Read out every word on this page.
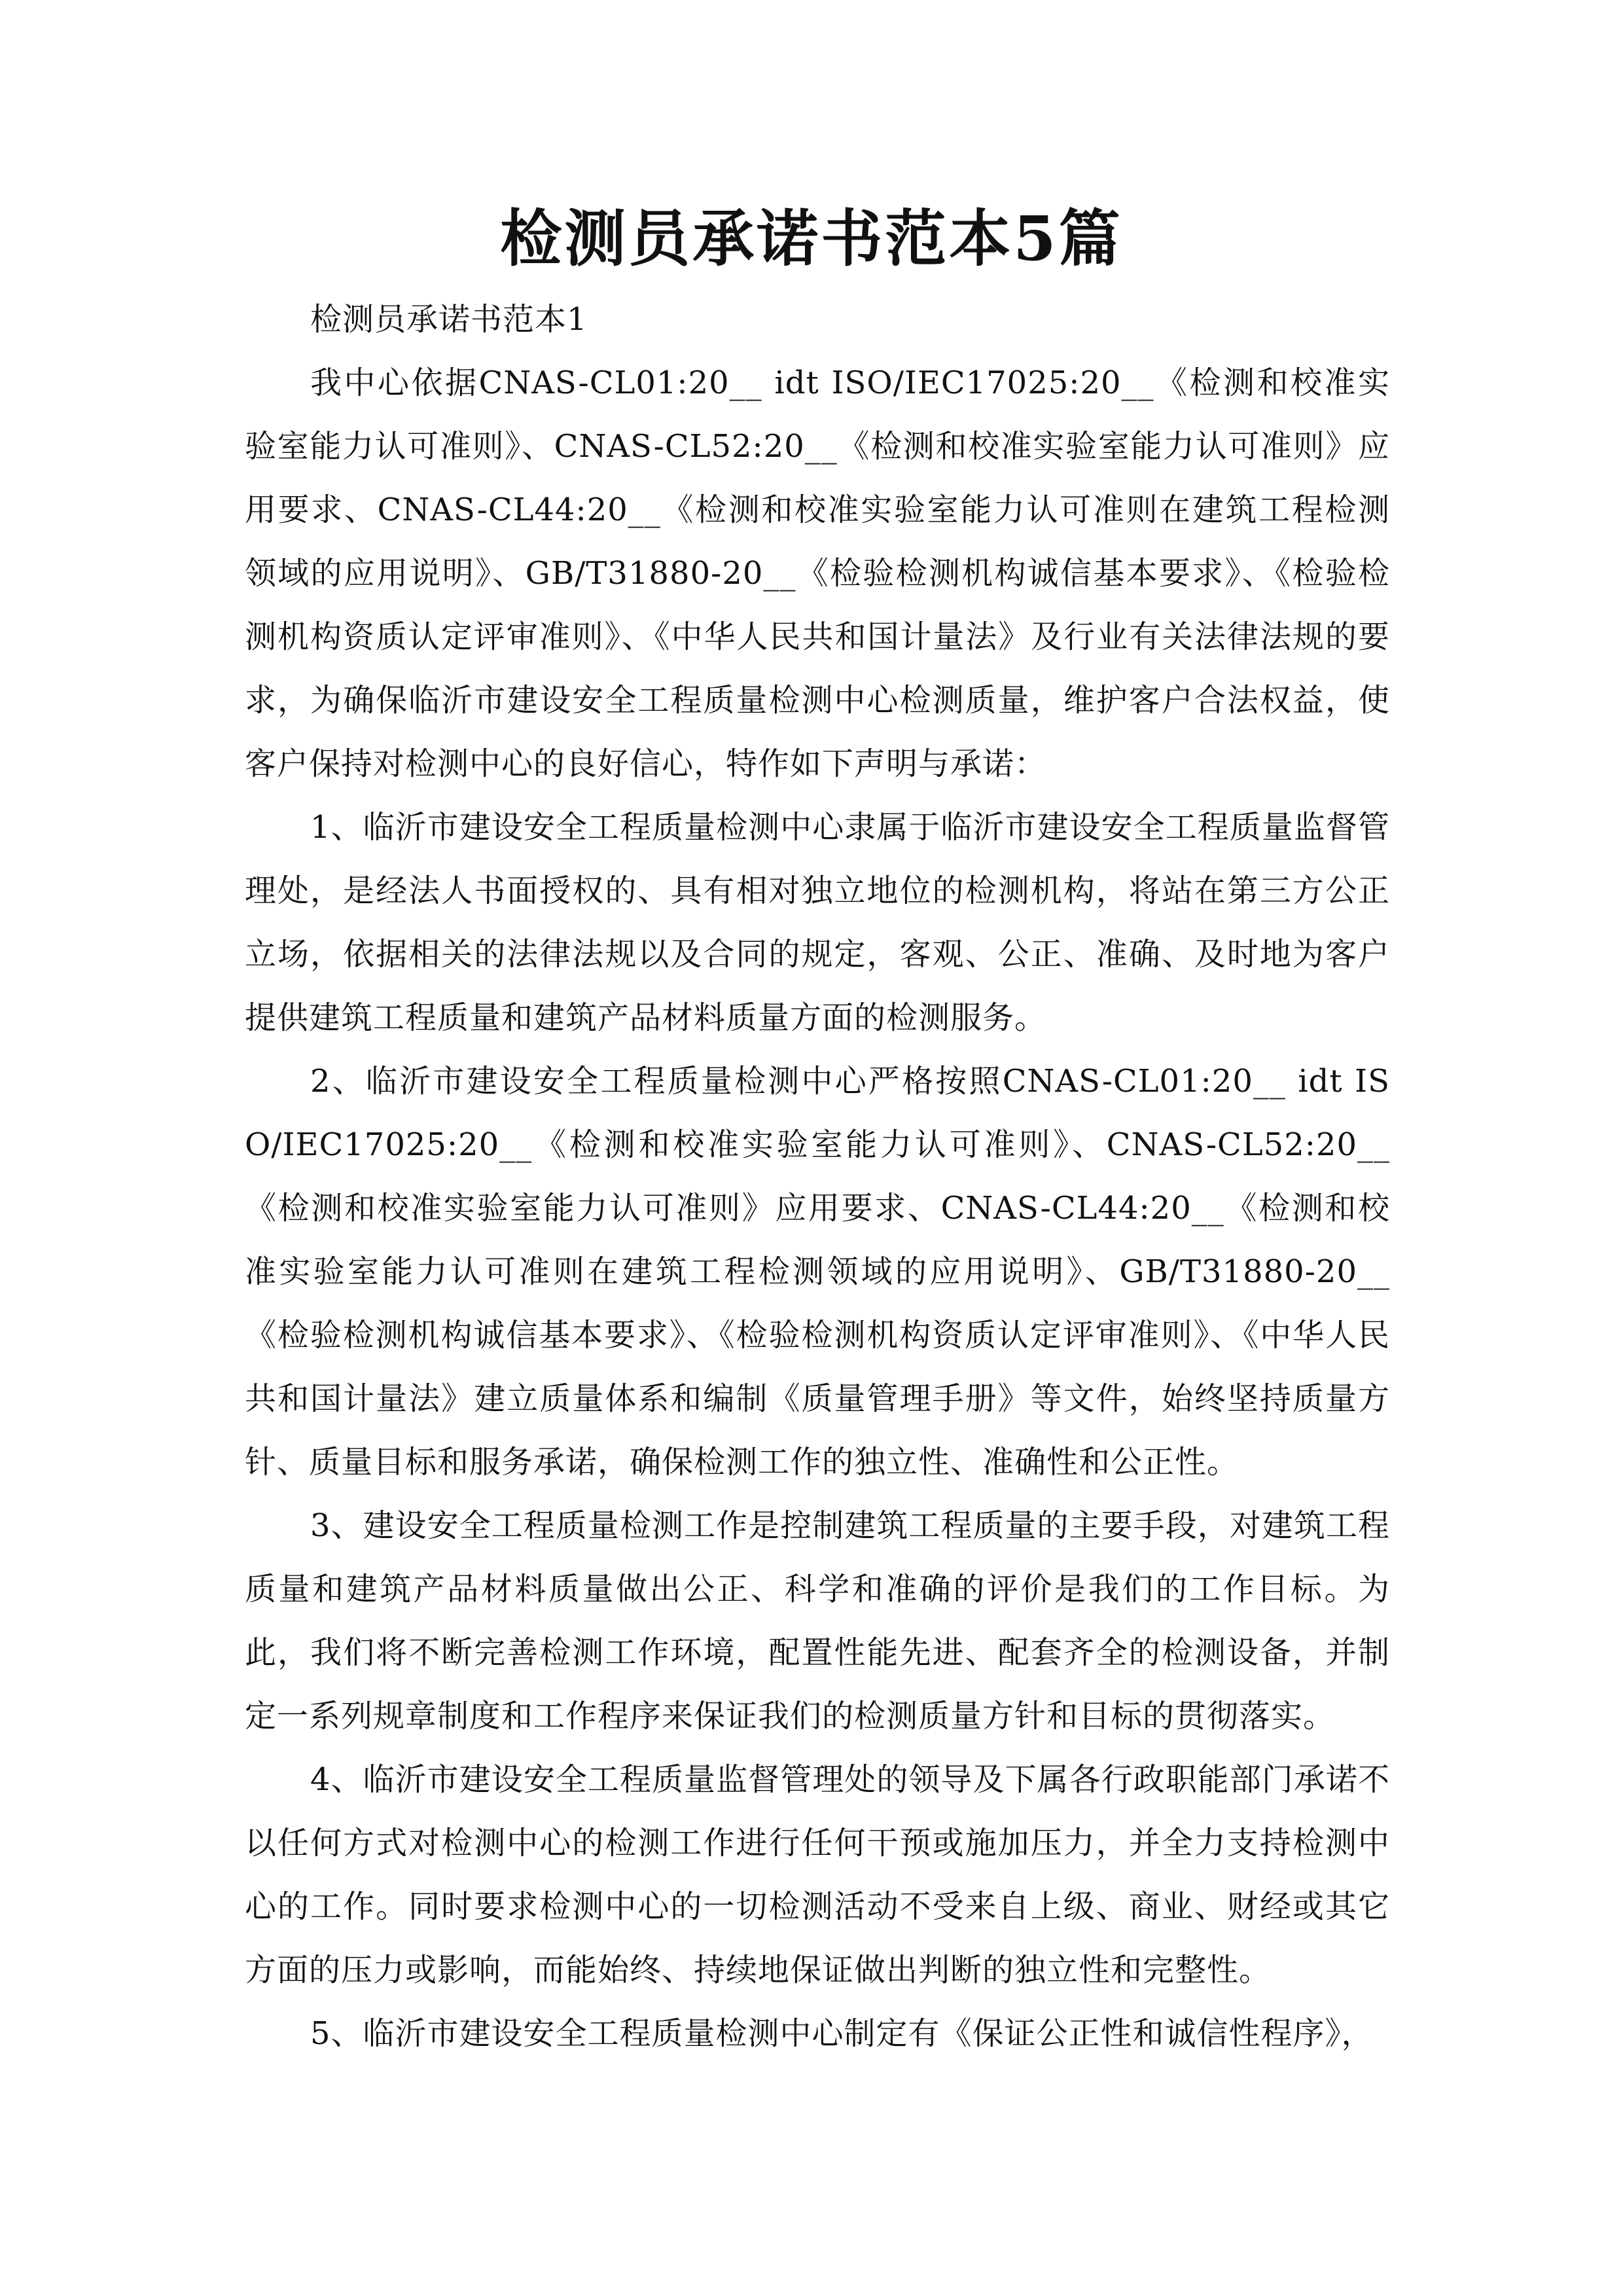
检测员承诺书范本5篇

检测员承诺书范本1

我中心依据CNAS-CL01:20__ idt ISO/IEC17025:20__《检测和校准实验室能力认可准则》、CNAS-CL52:20__《检测和校准实验室能力认可准则》应用要求、CNAS-CL44:20__《检测和校准实验室能力认可准则在建筑工程检测领域的应用说明》、GB/T31880-20__《检验检测机构诚信基本要求》、《检验检测机构资质认定评审准则》、《中华人民共和国计量法》及行业有关法律法规的要求，为确保临沂市建设安全工程质量检测中心检测质量，维护客户合法权益，使客户保持对检测中心的良好信心，特作如下声明与承诺：

1、临沂市建设安全工程质量检测中心隶属于临沂市建设安全工程质量监督管理处，是经法人书面授权的、具有相对独立地位的检测机构，将站在第三方公正立场，依据相关的法律法规以及合同的规定，客观、公正、准确、及时地为客户提供建筑工程质量和建筑产品材料质量方面的检测服务。

2、临沂市建设安全工程质量检测中心严格按照CNAS-CL01:20__ idt ISO/IEC17025:20__《检测和校准实验室能力认可准则》、CNAS-CL52:20__《检测和校准实验室能力认可准则》应用要求、CNAS-CL44:20__《检测和校准实验室能力认可准则在建筑工程检测领域的应用说明》、GB/T31880-20__《检验检测机构诚信基本要求》、《检验检测机构资质认定评审准则》、《中华人民共和国计量法》建立质量体系和编制《质量管理手册》等文件，始终坚持质量方针、质量目标和服务承诺，确保检测工作的独立性、准确性和公正性。

3、建设安全工程质量检测工作是控制建筑工程质量的主要手段，对建筑工程质量和建筑产品材料质量做出公正、科学和准确的评价是我们的工作目标。为此，我们将不断完善检测工作环境，配置性能先进、配套齐全的检测设备，并制定一系列规章制度和工作程序来保证我们的检测质量方针和目标的贯彻落实。

4、临沂市建设安全工程质量监督管理处的领导及下属各行政职能部门承诺不以任何方式对检测中心的检测工作进行任何干预或施加压力，并全力支持检测中心的工作。同时要求检测中心的一切检测活动不受来自上级、商业、财经或其它方面的压力或影响，而能始终、持续地保证做出判断的独立性和完整性。

5、临沂市建设安全工程质量检测中心制定有《保证公正性和诚信性程序》，
